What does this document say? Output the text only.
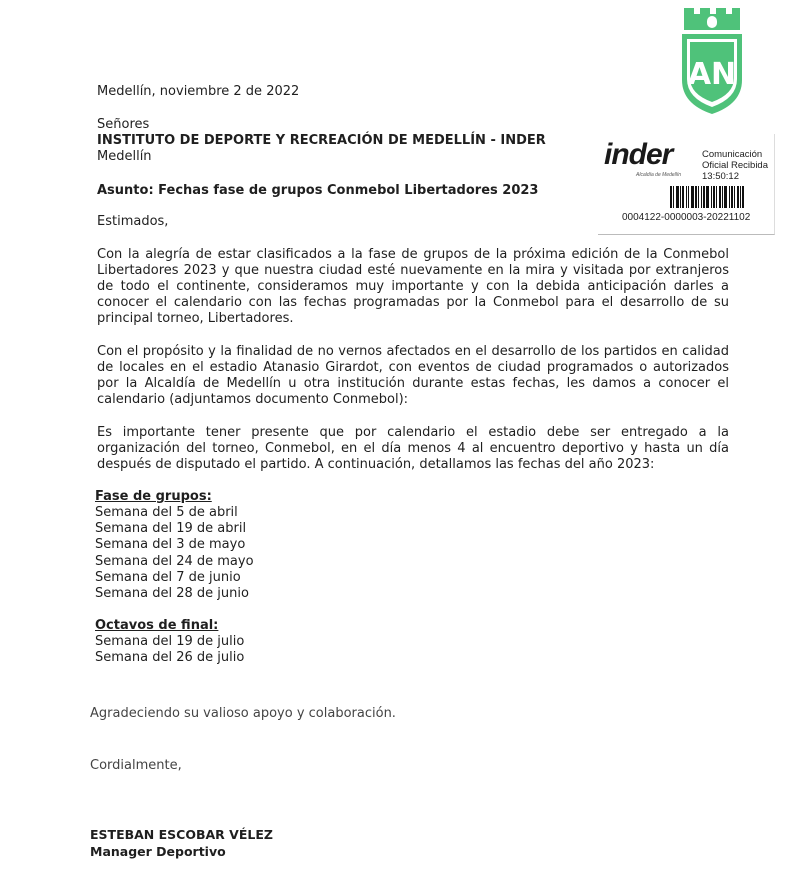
AN
Medellín, noviembre 2 de 2022
Señores
INSTITUTO DE DEPORTE Y RECREACIÓN DE MEDELLÍN - INDER
Medellín	inder
Alcaldía de Medellín
Comunicación
Oficial Recibida
13:50:12
0004122-0000003-20221102
Asunto: Fechas fase de grupos Conmebol Libertadores 2023
Estimados,
Con la alegría de estar clasificados a la fase de grupos de la próxima edición de la Conmebol Libertadores 2023 y que nuestra ciudad esté nuevamente en la mira y visitada por extranjeros de todo el continente, consideramos muy importante y con la debida anticipación darles a conocer el calendario con las fechas programadas por la Conmebol para el desarrollo de su principal torneo, Libertadores.
Con el propósito y la finalidad de no vernos afectados en el desarrollo de los partidos en calidad de locales en el estadio Atanasio Girardot, con eventos de ciudad programados o autorizados por la Alcaldía de Medellín u otra institución durante estas fechas, les damos a conocer el calendario (adjuntamos documento Conmebol):
Es importante tener presente que por calendario el estadio debe ser entregado a la organización del torneo, Conmebol, en el día menos 4 al encuentro deportivo y hasta un día después de disputado el partido. A continuación, detallamos las fechas del año 2023:
Fase de grupos:
Semana del 5 de abril
Semana del 19 de abril
Semana del 3 de mayo
Semana del 24 de mayo
Semana del 7 de junio
Semana del 28 de junio
Octavos de final:
Semana del 19 de julio
Semana del 26 de julio
Agradeciendo su valioso apoyo y colaboración.
Cordialmente,
ESTEBAN ESCOBAR VÉLEZ
Manager Deportivo
